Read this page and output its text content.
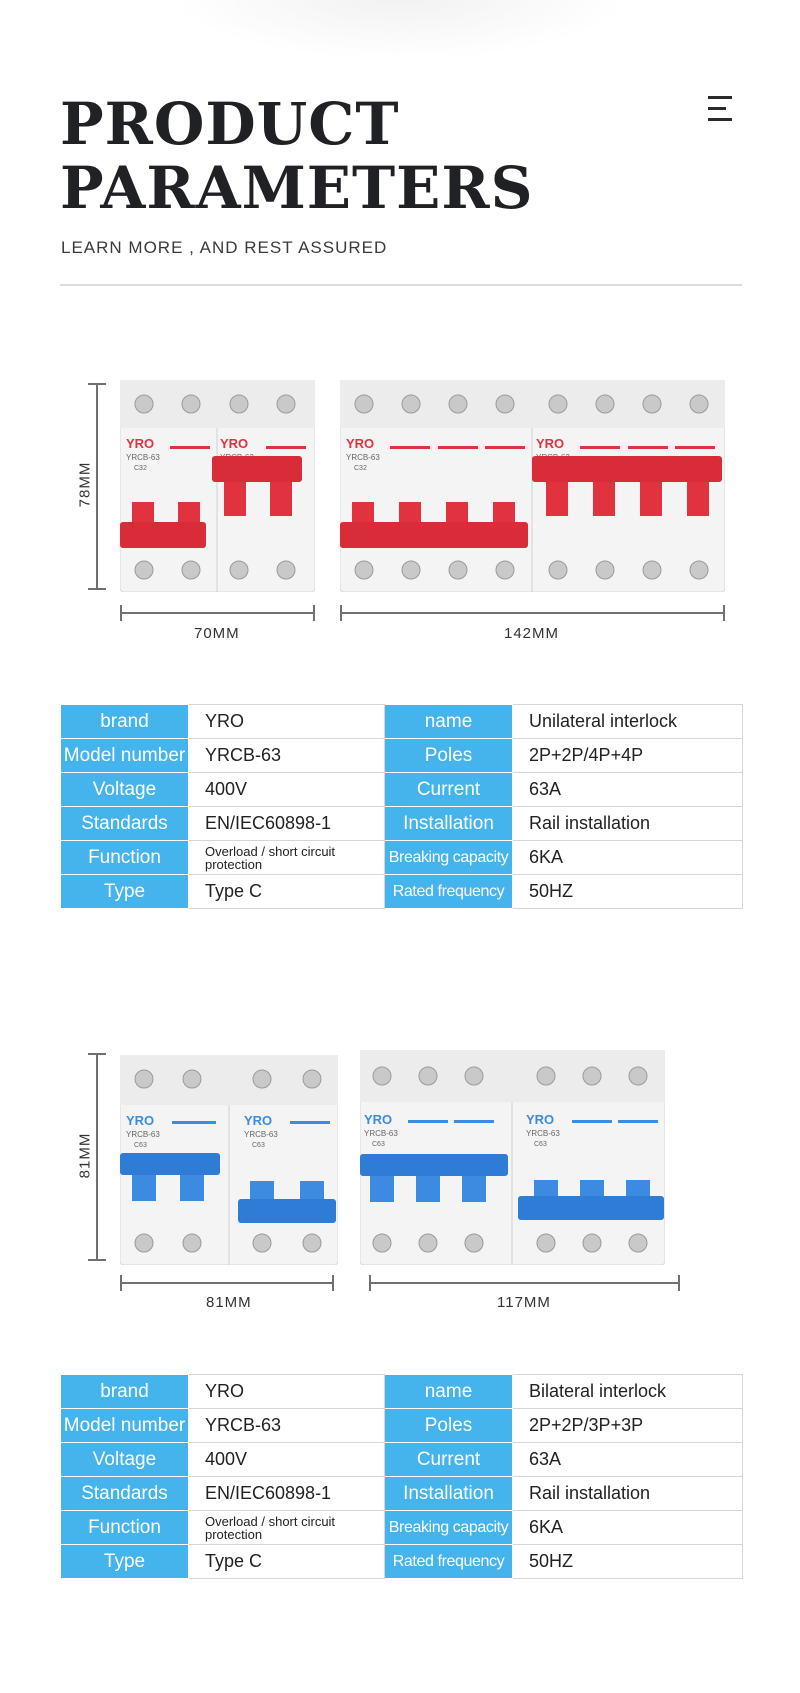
PRODUCT
PARAMETERS
LEARN MORE , AND REST ASSURED
78MM
YRO	YRO
YRCB-63
C32
YRO	YRO
YRCB-63
C32
70MM	142MM
brand	YRO	name	Unilateral interlock
Model number	YRCB-63	Poles	2P+2P/4P+4P
Voltage	400V	Current	63A
Standards	EN/IEC60898-1	Installation	Rail installation
Function	Overload / short circuit protection	Breaking capacity	6KA
Type	Type C	Rated frequency	50HZ
81MM
YRO	YRO
YRCB-63	YRCB-63
C63	C63
YRO	YRO
YRCB-63	YRCB-63
C63	C63
81MM	117MM
brand	YRO	name	Bilateral interlock
Model number	YRCB-63	Poles	2P+2P/3P+3P
Voltage	400V	Current	63A
Standards	EN/IEC60898-1	Installation	Rail installation
Function	Overload / short circuit protection	Breaking capacity	6KA
Type	Type C	Rated frequency	50HZ
